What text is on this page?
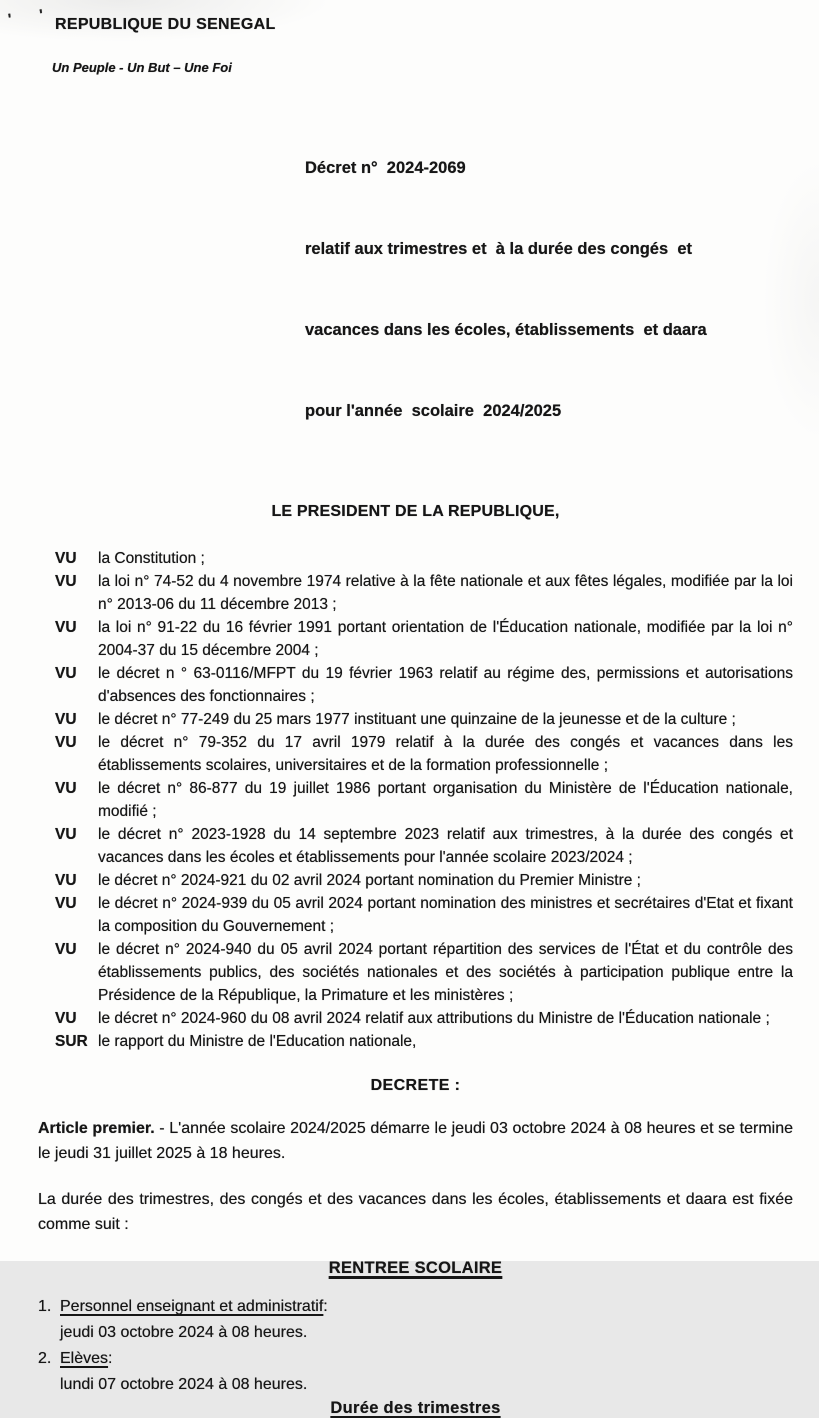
' '
REPUBLIQUE DU SENEGAL
Un Peuple - Un But – Une Foi

Décret n°  2024-2069

relatif aux trimestres et  à la durée des congés  et

vacances dans les écoles, établissements  et daara

pour l'année  scolaire  2024/2025

LE PRESIDENT DE LA REPUBLIQUE,
VU	la Constitution ;
VU	la loi n° 74-52 du 4 novembre 1974 relative à la fête nationale et aux fêtes légales, modifiée par la loi n° 2013-06 du 11 décembre 2013 ;
VU	la loi n° 91-22 du 16 février 1991 portant orientation de l'Éducation nationale, modifiée par la loi n° 2004-37 du 15 décembre 2004 ;
VU	le décret n ° 63-0116/MFPT du 19 février 1963 relatif au régime des, permissions et autorisations d'absences des fonctionnaires ;
VU	le décret n° 77-249 du 25 mars 1977 instituant une quinzaine de la jeunesse et de la culture ;
VU	le décret n° 79-352 du 17 avril 1979 relatif à la durée des congés et vacances dans les établissements scolaires, universitaires et de la formation professionnelle ;
VU	le décret n° 86-877 du 19 juillet 1986 portant organisation du Ministère de l'Éducation nationale, modifié ;
VU	le décret n° 2023-1928 du 14 septembre 2023 relatif aux trimestres, à la durée des congés et vacances dans les écoles et établissements pour l'année scolaire 2023/2024 ;
VU	le décret n° 2024-921 du 02 avril 2024 portant nomination du Premier Ministre ;
VU	le décret n° 2024-939 du 05 avril 2024 portant nomination des ministres et secrétaires d'Etat et fixant la composition du Gouvernement ;
VU	le décret n° 2024-940 du 05 avril 2024 portant répartition des services de l'État et du contrôle des établissements publics, des sociétés nationales et des sociétés à participation publique entre la Présidence de la République, la Primature et les ministères ;
VU	le décret n° 2024-960 du 08 avril 2024 relatif aux attributions du Ministre de l'Éducation nationale ;
SUR le rapport du Ministre de l'Education nationale,
DECRETE :
Article premier. - L'année scolaire 2024/2025 démarre le jeudi 03 octobre 2024 à 08 heures et se termine le jeudi 31 juillet 2025 à 18 heures.
La durée des trimestres, des congés et des vacances dans les écoles, établissements et daara est fixée comme suit :
RENTREE SCOLAIRE
1. Personnel enseignant et administratif :
jeudi 03 octobre 2024 à 08 heures.
2. Elèves :
lundi 07 octobre 2024 à 08 heures.
Durée des trimestres
